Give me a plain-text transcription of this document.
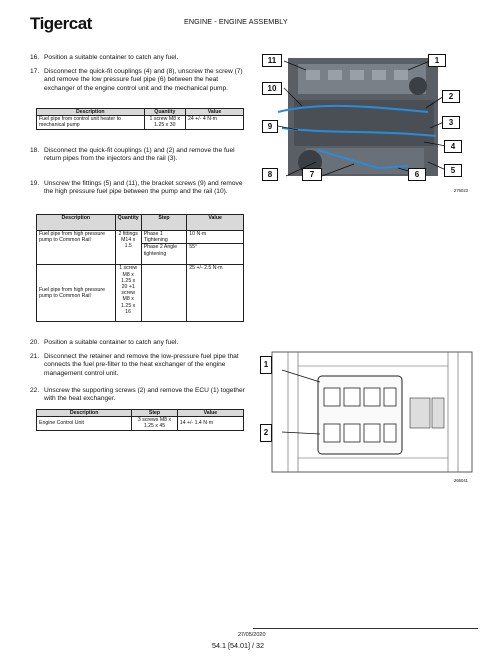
Tigercat	ENGINE - ENGINE ASSEMBLY
16. Position a suitable container to catch any fuel.
17. Disconnect the quick-fit couplings (4) and (8), unscrew the screw (7) and remove the low pressure fuel pipe (6) between the heat exchanger of the engine control unit and the mechanical pump.
Description	Quantity	Value
Fuel pipe from control unit heater to mechanical pump	1 screw M8 x 1.25 x 30	24 +/- 4 N·m
18. Disconnect the quick-fit couplings (1) and (2) and remove the fuel return pipes from the injectors and the rail (3).
19. Unscrew the fittings (5) and (11), the bracket screws (9) and remove the high pressure fuel pipe between the pump and the rail (10).
Description	Quantity	Step	Value
Fuel pipe from high pressure pump to Common Rail	2 fittings M14 x 1.5	Phase 1 Tightening	10 N·m
		Phase 2 Angle tightening	55°
Fuel pipe from high pressure pump to Common Rail	1 screw M8 x 1.25 x 20 +1 screw M8 x 1.25 x 16		25 +/- 2.5 N·m
20. Position a suitable container to catch any fuel.
21. Disconnect the retainer and remove the low-pressure fuel pipe that connects the fuel pre-filter to the heat exchanger of the engine management control unit.
22. Unscrew the supporting screws (2) and remove the ECU (1) together with the heat exchanger.
Description	Step	Value
Engine Control Unit	3 screws M8 x 1.25 x 45	14 +/- 1.4 N·m
11	1
10
2
9	3
4
8	7	6	5
276023
1
2
266041
27/05/2020
54.1 [54.01] / 32
